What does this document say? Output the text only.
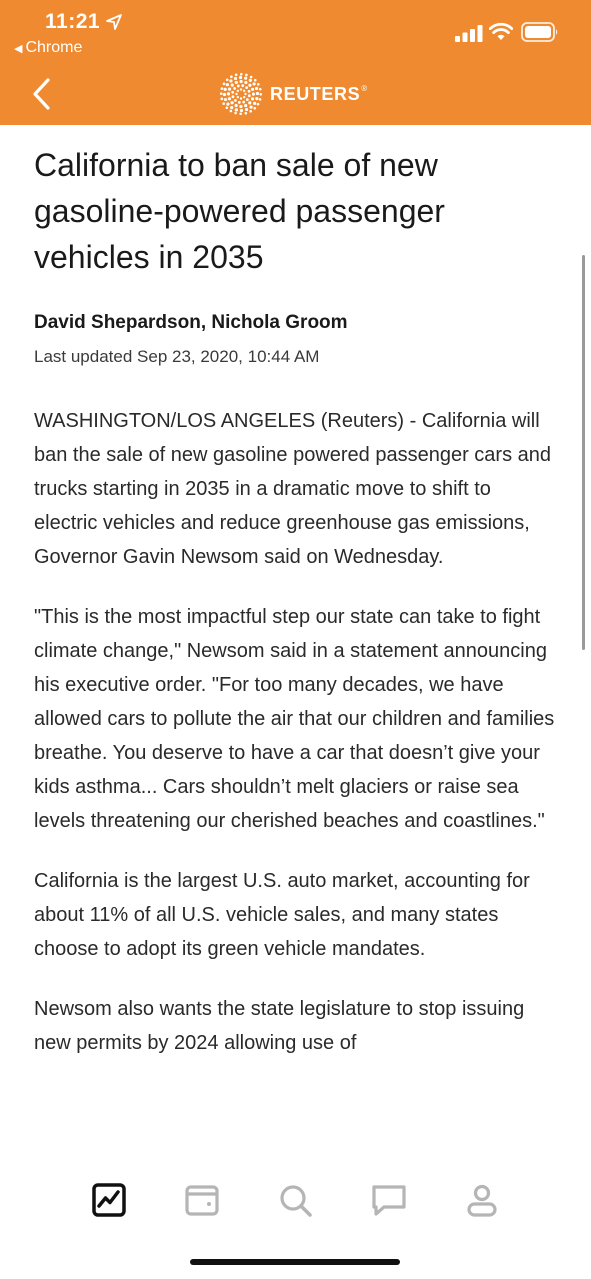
11:21
◀ Chrome
REUTERS®
California to ban sale of new gasoline-powered passenger vehicles in 2035
David Shepardson, Nichola Groom
Last updated Sep 23, 2020, 10:44 AM

WASHINGTON/LOS ANGELES (Reuters) - California will ban the sale of new gasoline powered passenger cars and trucks starting in 2035 in a dramatic move to shift to electric vehicles and reduce greenhouse gas emissions, Governor Gavin Newsom said on Wednesday.

"This is the most impactful step our state can take to fight climate change," Newsom said in a statement announcing his executive order. "For too many decades, we have allowed cars to pollute the air that our children and families breathe. You deserve to have a car that doesn’t give your kids asthma... Cars shouldn’t melt glaciers or raise sea levels threatening our cherished beaches and coastlines."

California is the largest U.S. auto market, accounting for about 11% of all U.S. vehicle sales, and many states choose to adopt its green vehicle mandates.

Newsom also wants the state legislature to stop issuing new permits by 2024 allowing use of
